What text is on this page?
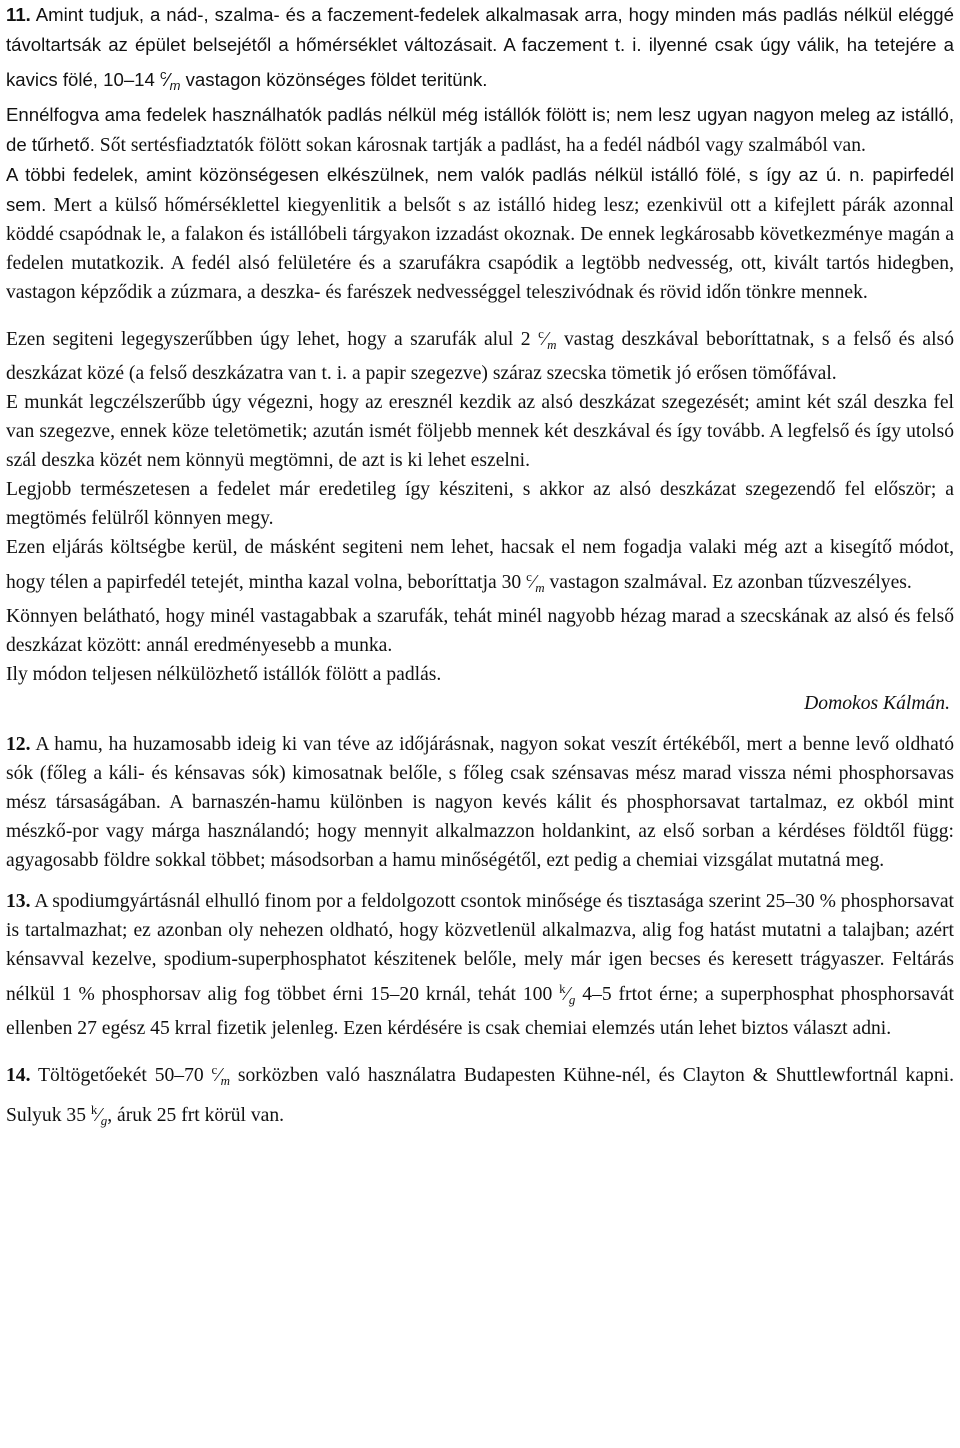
11. Amint tudjuk, a nád-, szalma- és a faczement-fedelek alkalmasak arra, hogy minden más padlás nélkül eléggé távoltartsák az épület belsejétől a hőmérséklet változásait. A faczement t. i. ilyenné csak úgy válik, ha tetejére a kavics fölé, 10–14 $^c⁄_m$ vastagon közönséges földet teritünk.

Ennélfogva ama fedelek használhatók padlás nélkül még istállók fölött is; nem lesz ugyan nagyon meleg az istálló, de tűrhető. Sőt sertésfiadztatók fölött sokan károsnak tartják a padlást, ha a fedél nádból vagy szalmából van.

A többi fedelek, amint közönségesen elkészülnek, nem valók padlás nélkül istálló fölé, s így az ú. n. papirfedél sem. Mert a külső hőmérséklettel kiegyenlitik a belsőt s az istálló hideg lesz; ezenkivül ott a kifejlett párák azonnal köddé csapódnak le, a falakon és istállóbeli tárgyakon izzadást okoznak. De ennek legkárosabb következménye magán a fedelen mutatkozik. A fedél alsó felületére és a szarufákra csapódik a legtöbb nedvesség, ott, kivált tartós hidegben, vastagon képződik a zúzmara, a deszka- és farészek nedvességgel teleszivódnak és rövid időn tönkre mennek.

Ezen segiteni legegyszerűbben úgy lehet, hogy a szarufák alul 2 $^c⁄_m$ vastag deszkával beboríttatnak, s a felső és alsó deszkázat közé (a felső deszkázatra van t. i. a papir szegezve) száraz szecska tömetik jó erősen tömőfával.

E munkát legczélszerűbb úgy végezni, hogy az eresznél kezdik az alsó deszkázat szegezését; amint két szál deszka fel van szegezve, ennek köze teletömetik; azután ismét följebb mennek két deszkával és így tovább. A legfelső és így utolsó szál deszka közét nem könnyü megtömni, de azt is ki lehet eszelni.

Legjobb természetesen a fedelet már eredetileg így késziteni, s akkor az alsó deszkázat szegezendő fel először; a megtömés felülről könnyen megy.

Ezen eljárás költségbe kerül, de másként segiteni nem lehet, hacsak el nem fogadja valaki még azt a kisegítő módot, hogy télen a papirfedél tetejét, mintha kazal volna, beboríttatja 30 $^c⁄_m$ vastagon szalmával. Ez azonban tűzveszélyes.

Könnyen belátható, hogy minél vastagabbak a szarufák, tehát minél nagyobb hézag marad a szecskának az alsó és felső deszkázat között: annál eredményesebb a munka.

Ily módon teljesen nélkülözhető istállók fölött a padlás.

Domokos Kálmán.

12. A hamu, ha huzamosabb ideig ki van téve az időjárásnak, nagyon sokat veszít értékéből, mert a benne levő oldható sók (főleg a káli- és kénsavas sók) kimosatnak belőle, s főleg csak szénsavas mész marad vissza némi phosphorsavas mész társaságában. A barnaszén-hamu különben is nagyon kevés kálit és phosphorsavat tartalmaz, ez okból mint mészkő-por vagy márga használandó; hogy mennyit alkalmazzon holdankint, az első sorban a kérdéses földtől függ: agyagosabb földre sokkal többet; másodsorban a hamu minőségétől, ezt pedig a chemiai vizsgálat mutatná meg.

13. A spodiumgyártásnál elhulló finom por a feldolgozott csontok minősége és tisztasága szerint 25–30 % phosphorsavat is tartalmazhat; ez azonban oly nehezen oldható, hogy közvetlenül alkalmazva, alig fog hatást mutatni a talajban; azért kénsavval kezelve, spodium-superphosphatot készitenek belőle, mely már igen becses és keresett trágyaszer. Feltárás nélkül 1 % phosphorsav alig fog többet érni 15–20 krnál, tehát 100 $^k⁄_g$ 4–5 frtot érne; a superphosphat phosphorsavát ellenben 27 egész 45 krral fizetik jelenleg. Ezen kérdésére is csak chemiai elemzés után lehet biztos választ adni.

14. Töltögetőekét 50–70 $^c⁄_m$ sorközben való használatra Budapesten Kühne-nél, és Clayton & Shuttlewfortnál kapni. Sulyuk 35 $^k⁄_g$, áruk 25 frt körül van.
